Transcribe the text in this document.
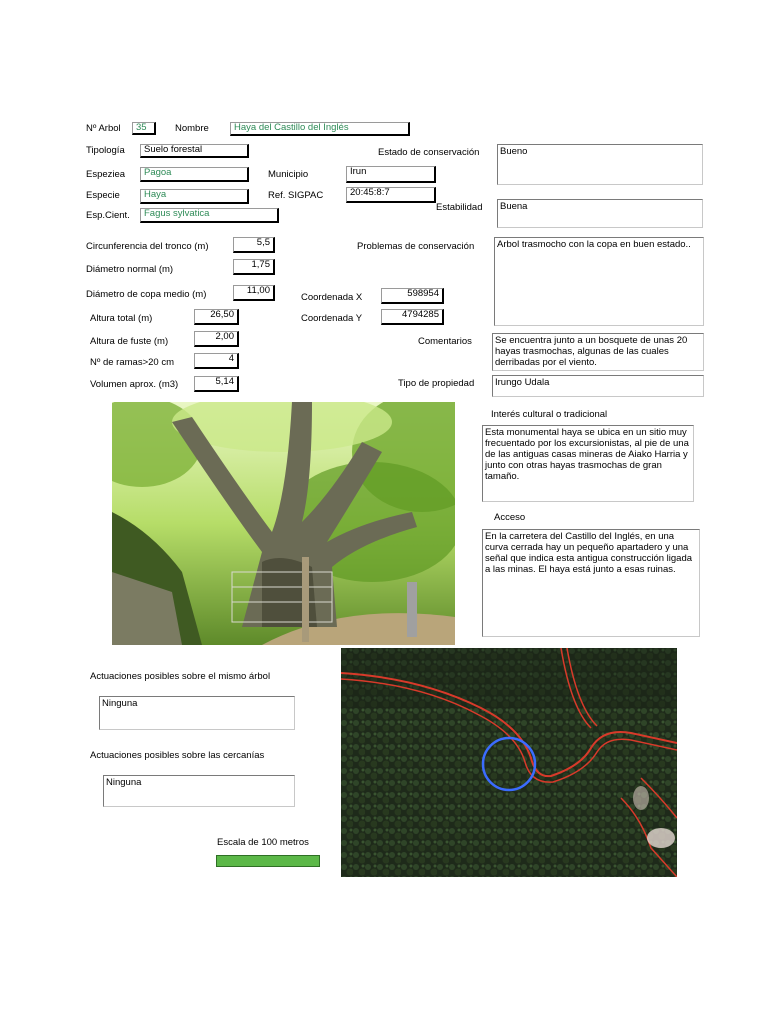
Nº Arbol	35	Nombre	Haya del Castillo del Inglés
Tipología	Suelo forestal	Estado de conservación	Bueno
Espeziea	Pagoa	Municipio	Irun
Especie	Haya	Ref. SIGPAC	20:45:8:7
Estabilidad	Buena
Esp.Cient.	Fagus sylvatica
Circunferencia del tronco (m)	5,5
Diámetro normal (m)	1,75
Diámetro de copa medio (m)	11,00
Altura total (m)	26,50
Altura de fuste (m)	2,00
Nº de ramas>20 cm	4
Volumen aprox. (m3)	5,14
Problemas de conservación	Arbol trasmocho con la copa en buen estado..
Coordenada X	598954
Coordenada Y	4794285
Comentarios	Se encuentra junto a un bosquete de unas 20 hayas trasmochas, algunas de las cuales derribadas por el viento.
Tipo de propiedad	Irungo Udala
Interés cultural o tradicional
Esta monumental haya se ubica en un sitio muy frecuentado por los excursionistas, al pie de una de las antiguas casas mineras de Aiako Harria y junto con otras hayas trasmochas de gran tamaño.
Acceso
En la carretera del Castillo del Inglés, en una curva cerrada hay un pequeño apartadero y una señal que indica esta antigua construcción ligada a las minas. El haya está junto a esas ruinas.
Actuaciones posibles sobre el mismo árbol
Ninguna
Actuaciones posibles sobre las cercanías
Ninguna
Escala de 100 metros
